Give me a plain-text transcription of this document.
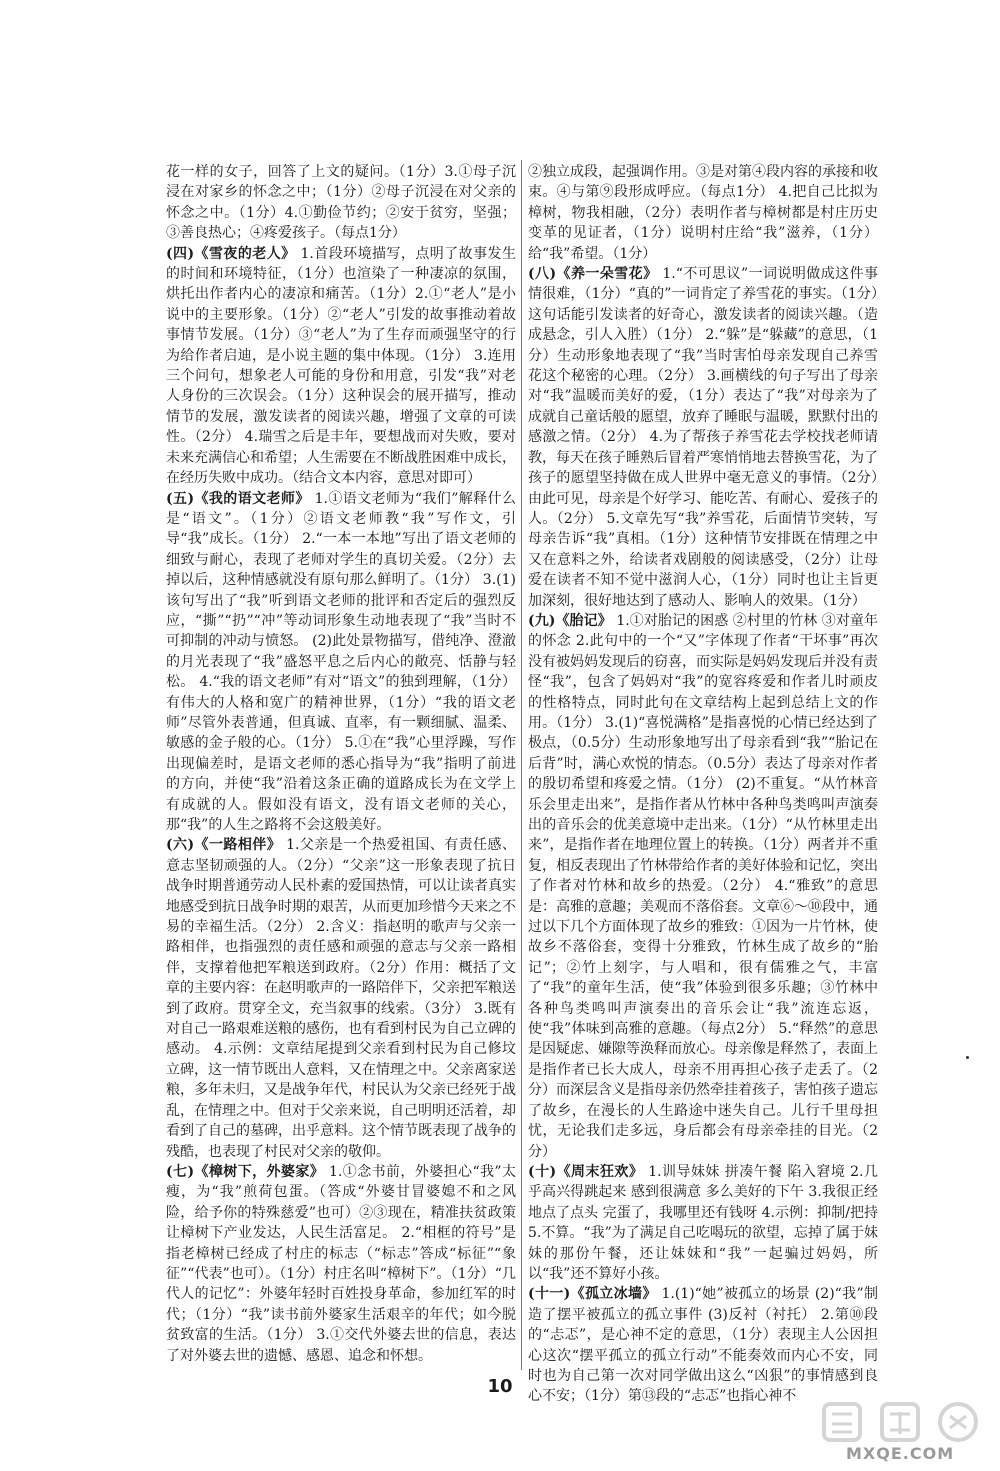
花一样的女子，回答了上文的疑问。（1分）3.①母子沉浸在对家乡的怀念之中；（1分）②母子沉浸在对父亲的怀念之中。（1分）4.①勤俭节约；②安于贫穷，坚强；③善良热心；④疼爱孩子。（每点1分）

(四)《雪夜的老人》 1.首段环境描写，点明了故事发生的时间和环境特征，（1分）也渲染了一种凄凉的氛围，烘托出作者内心的凄凉和痛苦。（1分）2.①“老人”是小说中的主要形象。（1分）②“老人”引发的故事推动着故事情节发展。（1分）③“老人”为了生存而顽强坚守的行为给作者启迪，是小说主题的集中体现。（1分） 3.连用三个问句，想象老人可能的身份和用意，引发“我”对老人身份的三次误会。（1分）这种误会的展开描写，推动情节的发展，激发读者的阅读兴趣，增强了文章的可读性。（2分） 4.瑞雪之后是丰年，要想战而对失败，要对未来充满信心和希望；人生需要在不断战胜困难中成长，在经历失败中成功。（结合文本内容，意思对即可）

(五)《我的语文老师》 1.①语文老师为“我们”解释什么是“语文”。（1分）②语文老师教“我”写作文，引导“我”成长。（1分） 2.“一本一本地”写出了语文老师的细致与耐心，表现了老师对学生的真切关爱。（2分）去掉以后，这种情感就没有原句那么鲜明了。（1分） 3.(1)该句写出了“我”听到语文老师的批评和否定后的强烈反应，“撕”“扔”“冲”等动词形象生动地表现了“我”当时不可抑制的冲动与愤怒。 (2)此处景物描写，借纯净、澄澈的月光表现了“我”盛怒平息之后内心的敞亮、恬静与轻松。 4.“我的语文老师”有对“语文”的独到理解，（1分）有伟大的人格和宽广的精神世界，（1分）“我的语文老师”尽管外表普通，但真诚、直率，有一颗细腻、温柔、敏感的金子般的心。（1分） 5.①在“我”心里浮躁，写作出现偏差时，是语文老师的悉心指导为“我”指明了前进的方向，并使“我”沿着这条正确的道路成长为在文学上有成就的人。假如没有语文，没有语文老师的关心，那“我”的人生之路将不会这般美好。

(六)《一路相伴》 1.父亲是一个热爱祖国、有责任感、意志坚韧顽强的人。（2分）“父亲”这一形象表现了抗日战争时期普通劳动人民朴素的爱国热情，可以让读者真实地感受到抗日战争时期的艰苦，从而更加珍惜今天来之不易的幸福生活。（2分） 2.含义：指赵明的歌声与父亲一路相伴，也指强烈的责任感和顽强的意志与父亲一路相伴，支撑着他把军粮送到政府。（2分）作用：概括了文章的主要内容：在赵明歌声的一路陪伴下，父亲把军粮送到了政府。贯穿全文，充当叙事的线索。（3分） 3.既有对自己一路艰难送粮的感伤，也有看到村民为自己立碑的感动。 4.示例：文章结尾提到父亲看到村民为自己修坟立碑，这一情节既出人意料，又在情理之中。父亲离家送粮，多年未归，又是战争年代，村民认为父亲已经死于战乱，在情理之中。但对于父亲来说，自己明明还活着，却看到了自己的墓碑，出乎意料。这个情节既表现了战争的残酷，也表现了村民对父亲的敬仰。

(七)《樟树下，外婆家》 1.①念书前，外婆担心“我”太瘦，为“我”煎荷包蛋。（答成“外婆甘冒婆媳不和之风险，给予你的特殊慈爱”也可）②③现在，精准扶贫政策让樟树下产业发达，人民生活富足。 2.“相框的符号”是指老樟树已经成了村庄的标志（“标志”答成“标征”“象征”“代表”也可）。（1分）村庄名叫“樟树下”。（1分）“几代人的记忆”：外婆年轻时百姓投身革命，参加红军的时代；（1分）“我”读书前外婆家生活艰辛的年代；如今脱贫致富的生活。（1分） 3.①交代外婆去世的信息，表达了对外婆去世的遗憾、感恩、追念和怀想。

②独立成段，起强调作用。③是对第④段内容的承接和收束。④与第⑨段形成呼应。（每点1分） 4.把自己比拟为樟树，物我相融，（2分）表明作者与樟树都是村庄历史变革的见证者，（1分）说明村庄给“我”滋养，（1分）给“我”希望。（1分）

(八)《养一朵雪花》 1.“不可思议”一词说明做成这件事情很难，（1分）“真的”一词肯定了养雪花的事实。（1分）这句话能引发读者的好奇心，激发读者的阅读兴趣。（造成悬念，引人入胜）（1分） 2.“躲”是“躲藏”的意思，（1分）生动形象地表现了“我”当时害怕母亲发现自己养雪花这个秘密的心理。（2分） 3.画横线的句子写出了母亲对“我”温暖而美好的爱，（1分）表达了“我”对母亲为了成就自己童话般的愿望，放弃了睡眠与温暖，默默付出的感激之情。（2分） 4.为了帮孩子养雪花去学校找老师请教，每天在孩子睡熟后冒着严寒悄悄地去替换雪花，为了孩子的愿望坚持做在成人世界中毫无意义的事情。（2分）由此可见，母亲是个好学习、能吃苦、有耐心、爱孩子的人。（2分） 5.文章先写“我”养雪花，后面情节突转，写母亲告诉“我”真相。（1分）这种情节安排既在情理之中又在意料之外，给读者戏剧般的阅读感受，（2分）让母爱在读者不知不觉中滋润人心，（1分）同时也让主旨更加深刻，很好地达到了感动人、影响人的效果。（1分）

(九)《胎记》 1.①对胎记的困惑 ②村里的竹林 ③对童年的怀念 2.此句中的一个“又”字体现了作者“干坏事”再次没有被妈妈发现后的窃喜，而实际是妈妈发现后并没有责怪“我”，包含了妈妈对“我”的宽容疼爱和作者儿时顽皮的性格特点，同时此句在文章结构上起到总结上文的作用。（1分） 3.(1)“喜悦满格”是指喜悦的心情已经达到了极点，（0.5分）生动形象地写出了母亲看到“我”“胎记在后背”时，满心欢悦的情态。（0.5分）表达了母亲对作者的殷切希望和疼爱之情。（1分） (2)不重复。“从竹林音乐会里走出来”，是指作者从竹林中各种鸟类鸣叫声演奏出的音乐会的优美意境中走出来。（1分）“从竹林里走出来”，是指作者在地理位置上的转换。（1分）两者并不重复，相反表现出了竹林带给作者的美好体验和记忆，突出了作者对竹林和故乡的热爱。（2分） 4.“雅致”的意思是：高雅的意趣；美观而不落俗套。文章⑥～⑩段中，通过以下几个方面体现了故乡的雅致：①因为一片竹林，使故乡不落俗套，变得十分雅致，竹林生成了故乡的“胎记”；②竹上刻字，与人唱和，很有儒雅之气，丰富了“我”的童年生活，使“我”体验到很多乐趣；③竹林中各种鸟类鸣叫声演奏出的音乐会让“我”流连忘返，使“我”体味到高雅的意趣。（每点2分） 5.“释然”的意思是因疑虑、嫌隙等涣释而放心。母亲像是释然了，表面上是指作者已长大成人，母亲不用再担心孩子走丢了。（2分）而深层含义是指母亲仍然牵挂着孩子，害怕孩子遗忘了故乡，在漫长的人生路途中迷失自己。儿行千里母担忧，无论我们走多远，身后都会有母亲牵挂的目光。（2分）

(十)《周末狂欢》 1.训导妹妹 拼凑午餐 陷入窘境 2.几乎高兴得跳起来 感到很满意 多么美好的下午 3.我很正经地点了点头 完蛋了，我哪里还有钱呀 4.示例：抑制/把持 5.不算。“我”为了满足自己吃喝玩的欲望，忘掉了属于妹妹的那份午餐，还让妹妹和“我”一起骗过妈妈，所以“我”还不算好小孩。

(十一)《孤立冰墙》 1.(1)“她”被孤立的场景 (2)“我”制造了摆平被孤立的孤立事件 (3)反衬（衬托） 2.第⑩段的“忐忑”，是心神不定的意思，（1分）表现主人公因担心这次“摆平孤立的孤立行动”不能奏效而内心不安，同时也为自己第一次对同学做出这么“凶狠”的事情感到良心不安；（1分）第⑬段的“忐忑”也指心神不

10
MXQE.COM
